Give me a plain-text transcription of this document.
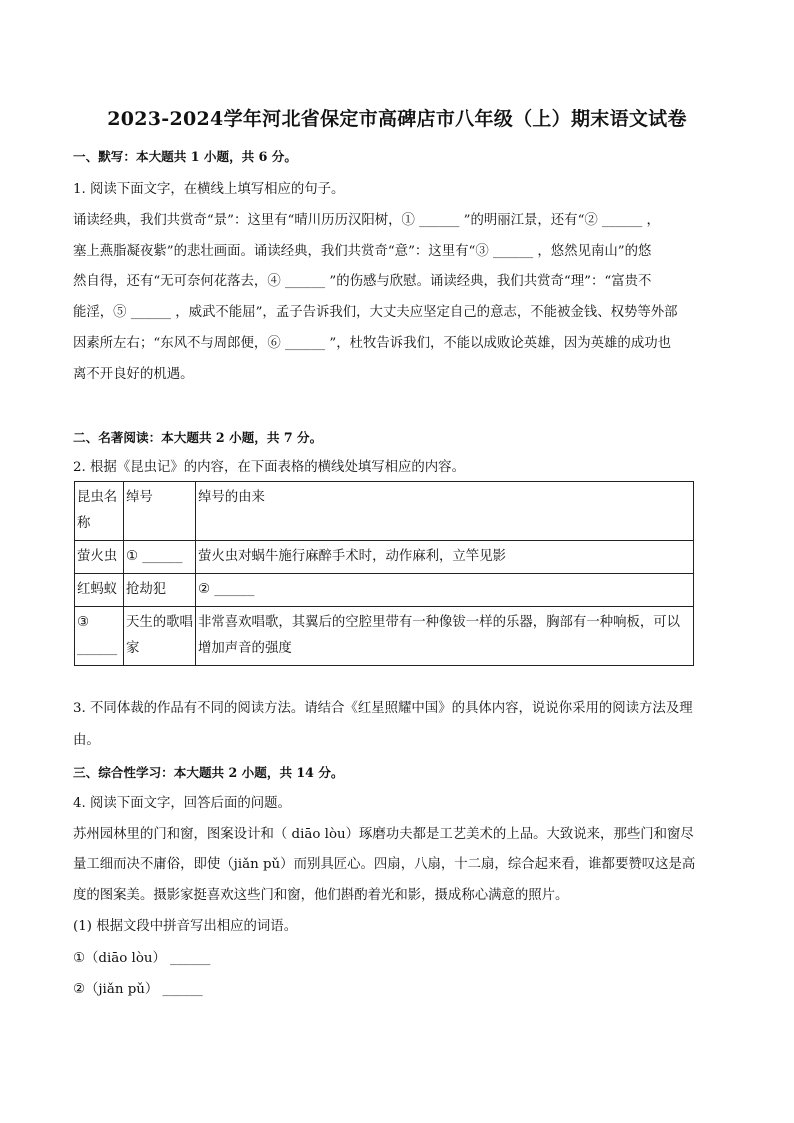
2023-2024学年河北省保定市高碑店市八年级（上）期末语文试卷
一、默写：本大题共 1 小题，共 6 分。
1. 阅读下面文字，在横线上填写相应的句子。
诵读经典，我们共赏奇“景”：这里有“晴川历历汉阳树，① ______ ”的明丽江景，还有“② ______ ，
塞上燕脂凝夜紫”的悲壮画面。诵读经典，我们共赏奇“意”：这里有“③ ______ ，悠然见南山”的悠
然自得，还有“无可奈何花落去，④ ______ ”的伤感与欣慰。诵读经典，我们共赏奇“理”：“富贵不
能淫，⑤ ______ ，威武不能屈”，孟子告诉我们，大丈夫应坚定自己的意志，不能被金钱、权势等外部
因素所左右；“东风不与周郎便，⑥ ______ ”，杜牧告诉我们，不能以成败论英雄，因为英雄的成功也
离不开良好的机遇。
二、名著阅读：本大题共 2 小题，共 7 分。
2. 根据《昆虫记》的内容，在下面表格的横线处填写相应的内容。
昆虫名称	绰号	绰号的由来
萤火虫	① ______	萤火虫对蜗牛施行麻醉手术时，动作麻利，立竿见影
红蚂蚁	抢劫犯	② ______
③ ______	天生的歌唱家	非常喜欢唱歌，其翼后的空腔里带有一种像钹一样的乐器，胸部有一种响板，可以增加声音的强度
3. 不同体裁的作品有不同的阅读方法。请结合《红星照耀中国》的具体内容，说说你采用的阅读方法及理
由。
三、综合性学习：本大题共 2 小题，共 14 分。
4. 阅读下面文字，回答后面的问题。
苏州园林里的门和窗，图案设计和（ diāo lòu）琢磨功夫都是工艺美术的上品。大致说来，那些门和窗尽
量工细而决不庸俗，即使（jiǎn pǔ）而别具匠心。四扇，八扇，十二扇，综合起来看，谁都要赞叹这是高
度的图案美。摄影家挺喜欢这些门和窗，他们斟酌着光和影，摄成称心满意的照片。
(1) 根据文段中拼音写出相应的词语。
①（diāo lòu） ______
②（jiǎn pǔ） ______
